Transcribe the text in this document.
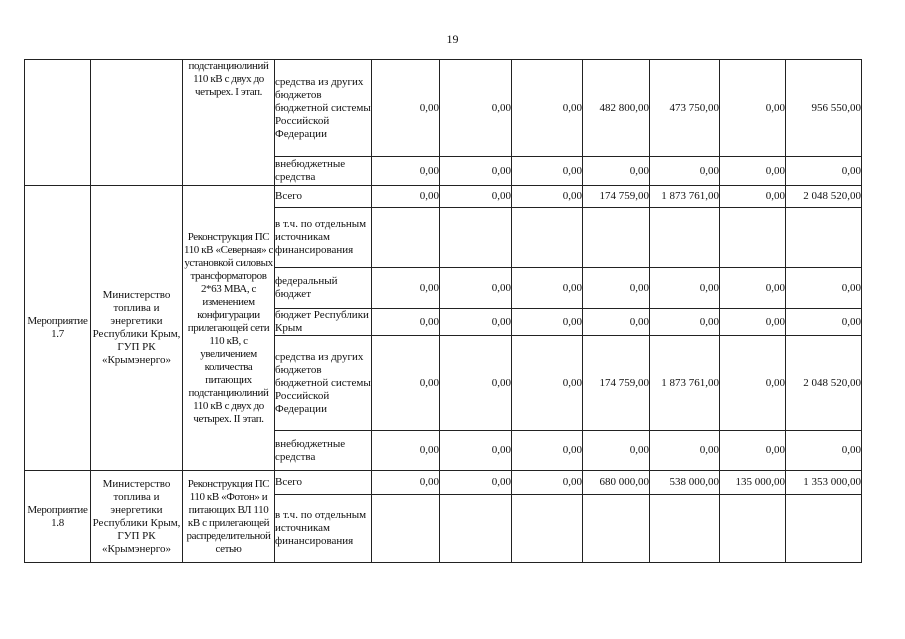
19
		подстанциюлиний 110 кВ с двух до четырех. I этап.	средства из других бюджетов бюджетной системы Российской Федерации	0,00	0,00	0,00	482 800,00	473 750,00	0,00	956 550,00
			внебюджетные средства	0,00	0,00	0,00	0,00	0,00	0,00	0,00
Мероприятие 1.7	Министерство топлива и энергетики Республики Крым, ГУП РК «Крымэнерго»	Реконструкция ПС 110 кВ «Северная» с установкой силовых трансформаторов 2*63 МВА, с изменением конфигурации прилегающей сети 110 кВ, с увеличением количества питающих подстанциюлиний 110 кВ с двух до четырех. II этап.	Всего	0,00	0,00	0,00	174 759,00	1 873 761,00	0,00	2 048 520,00
			в т.ч. по отдельным источникам финансирования							
			федеральный бюджет	0,00	0,00	0,00	0,00	0,00	0,00	0,00
			бюджет Республики Крым	0,00	0,00	0,00	0,00	0,00	0,00	0,00
			средства из других бюджетов бюджетной системы Российской Федерации	0,00	0,00	0,00	174 759,00	1 873 761,00	0,00	2 048 520,00
			внебюджетные средства	0,00	0,00	0,00	0,00	0,00	0,00	0,00
Мероприятие 1.8	Министерство топлива и энергетики Республики Крым, ГУП РК «Крымэнерго»	Реконструкция ПС 110 кВ «Фотон» и питающих ВЛ 110 кВ с прилегающей распределительной сетью	Всего	0,00	0,00	0,00	680 000,00	538 000,00	135 000,00	1 353 000,00
			в т.ч. по отдельным источникам финансирования							
